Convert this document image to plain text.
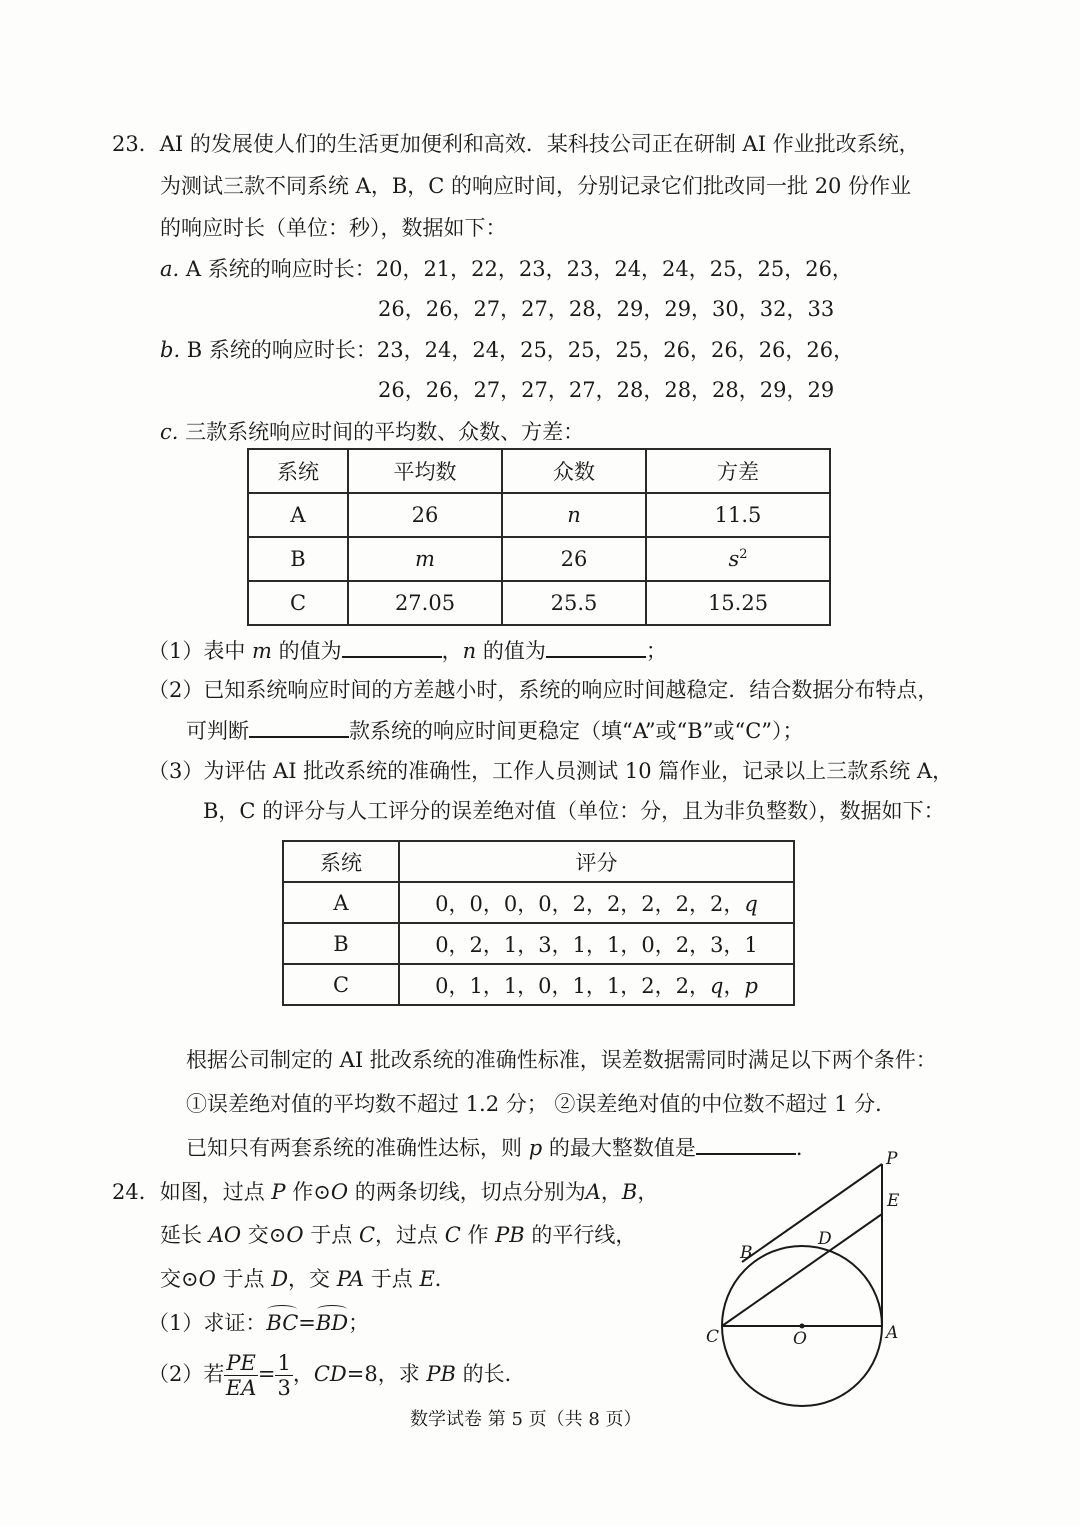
23．AI 的发展使人们的生活更加便利和高效．某科技公司正在研制 AI 作业批改系统，
为测试三款不同系统 A，B，C 的响应时间，分别记录它们批改同一批 20 份作业
的响应时长（单位：秒），数据如下：
a. A 系统的响应时长：20，21，22，23，23，24，24，25，25，26，
26，26，27，27，28，29，29，30，32，33
b. B 系统的响应时长：23，24，24，25，25，25，26，26，26，26，
26，26，27，27，27，28，28，28，29，29
c. 三款系统响应时间的平均数、众数、方差：
系统	平均数	众数	方差
A	26	n	11.5
B	m	26	$s^2$
C	27.05	25.5	15.25
（1）表中 m 的值为	，n 的值为	；
（2）已知系统响应时间的方差越小时，系统的响应时间越稳定．结合数据分布特点，
可判断	款系统的响应时间更稳定（填“A”或“B”或“C”）；
（3）为评估 AI 批改系统的准确性，工作人员测试 10 篇作业，记录以上三款系统 A，
B，C 的评分与人工评分的误差绝对值（单位：分，且为非负整数），数据如下：
系统	评分
A	0，0，0，0，2，2，2，2，2，q
B	0，2，1，3，1，1，0，2，3，1
C	0，1，1，0，1，1，2，2，q，p
根据公司制定的 AI 批改系统的准确性标准，误差数据需同时满足以下两个条件：
①误差绝对值的平均数不超过 1.2 分； ②误差绝对值的中位数不超过 1 分．
已知只有两套系统的准确性达标，则 p 的最大整数值是	．
24．如图，过点 P 作⊙O 的两条切线，切点分别为A，B，
延长 AO 交⊙O 于点 C，过点 C 作 PB 的平行线，
交⊙O 于点 D，交 PA 于点 E．
（1）求证：BC=BD；
（2）若 $\frac{PE}{EA} = \frac{1}{3}$ ，CD=8，求 PB 的长．
P
E
D
B
C	O	A
数学试卷 第 5 页（共 8 页）
